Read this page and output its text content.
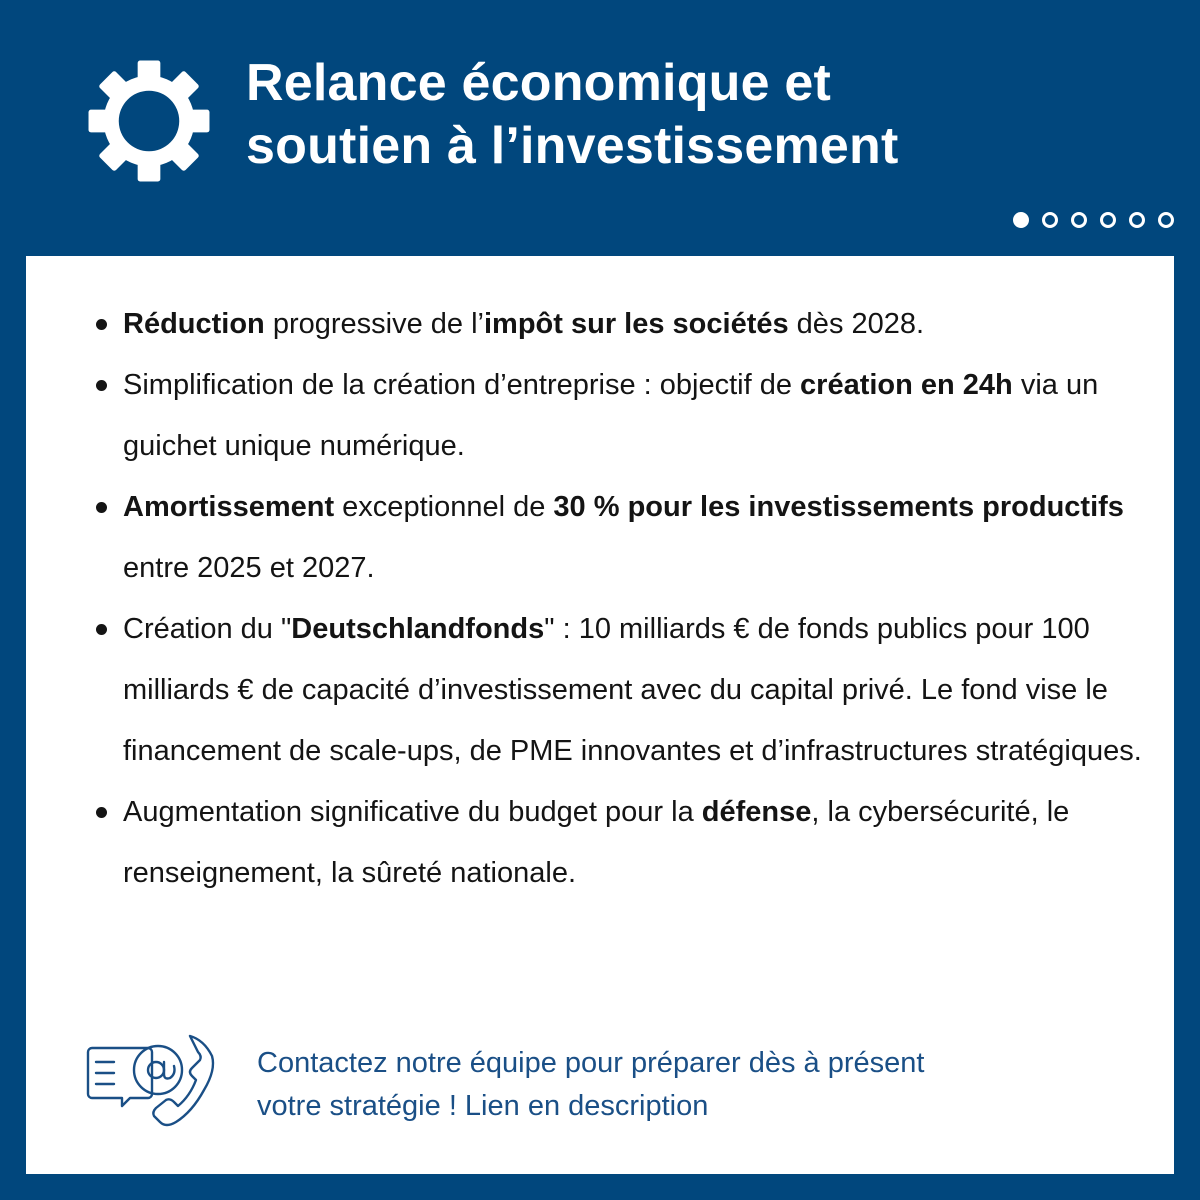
Relance économique et
soutien à l’investissement
Réduction progressive de l’impôt sur les sociétés dès 2028.
Simplification de la création d’entreprise : objectif de création en 24h via un guichet unique numérique.
Amortissement exceptionnel de 30 % pour les investissements productifs entre 2025 et 2027.
Création du "Deutschlandfonds" : 10 milliards € de fonds publics pour 100 milliards € de capacité d’investissement avec du capital privé. Le fond vise le financement de scale-ups, de PME innovantes et d’infrastructures stratégiques.
Augmentation significative du budget pour la défense, la cybersécurité, le renseignement, la sûreté nationale.
Contactez notre équipe pour préparer dès à présent
votre stratégie ! Lien en description
